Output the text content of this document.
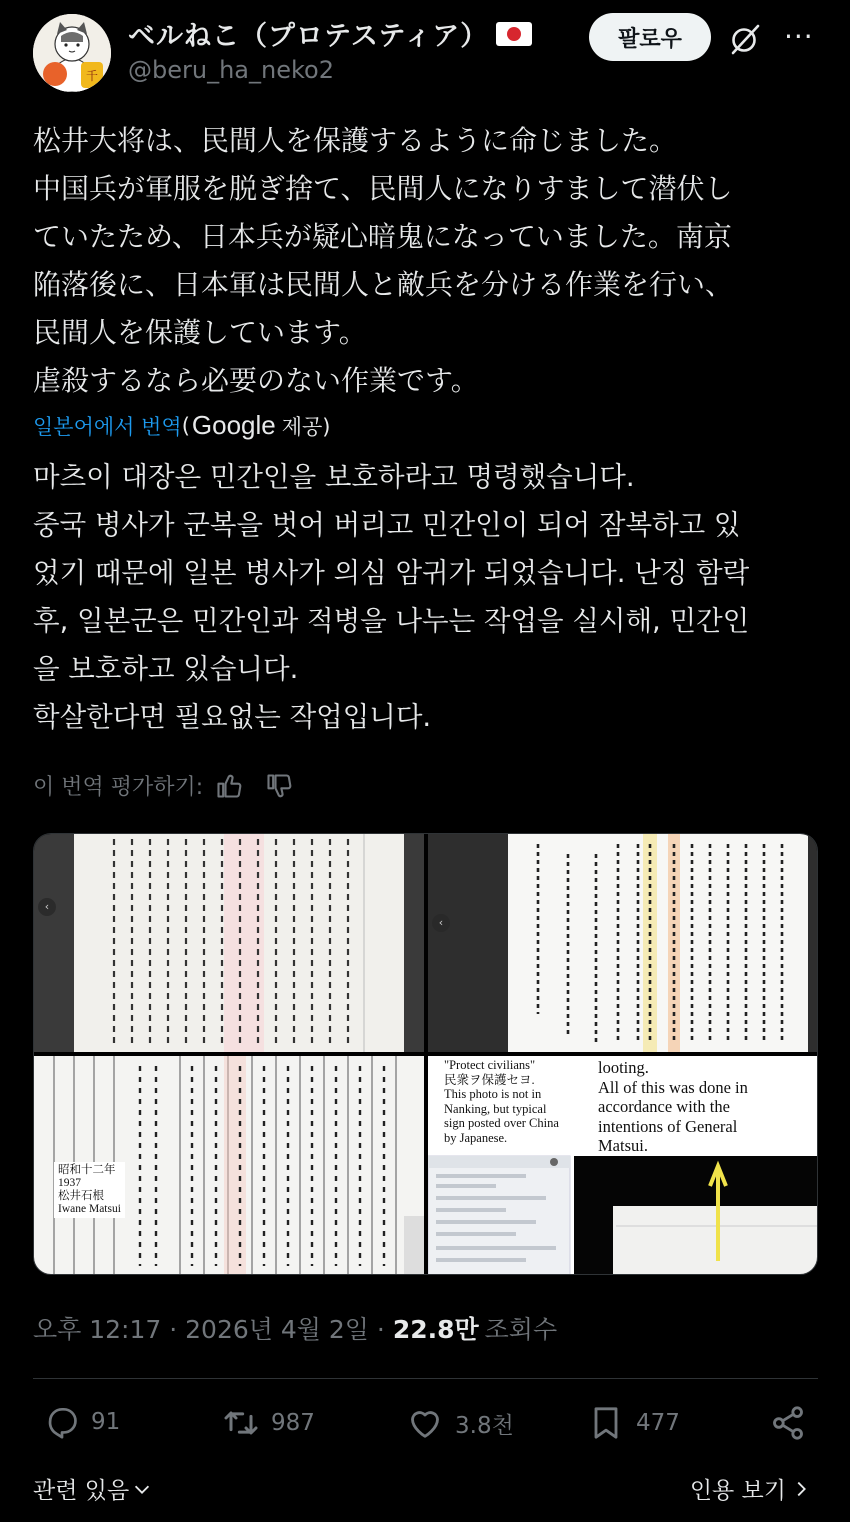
千
ベルねこ（プロテスティア）
@beru_ha_neko2
팔로우	···

松井大将は、民間人を保護するように命じました。

中国兵が軍服を脱ぎ捨て、民間人になりすまして潜伏し

ていたため、日本兵が疑心暗鬼になっていました。南京

陥落後に、日本軍は民間人と敵兵を分ける作業を行い、

民間人を保護しています。

虐殺するなら必要のない作業です。

일본어에서 번역 ( Google 제공)

마츠이 대장은 민간인을 보호하라고 명령했습니다.

중국 병사가 군복을 벗어 버리고 민간인이 되어 잠복하고 있

었기 때문에 일본 병사가 의심 암귀가 되었습니다. 난징 함락

후, 일본군은 민간인과 적병을 나누는 작업을 실시해, 민간인

을 보호하고 있습니다.

학살한다면 필요없는 작업입니다.

이 번역 평가하기:
‹
‹
昭和十二年
1937
松井石根
Iwane Matsui
"Protect civilians"
民衆ヲ保護セヨ.
This photo is not in
Nanking, but typical
sign posted over China
by Japanese.
looting.
All of this was done in
accordance with the
intentions of General
Matsui.
오후 12:17 · 2026년 4월 2일 · 22.8만 조회수
91	987	3.8천	477
관련 있음	인용 보기
